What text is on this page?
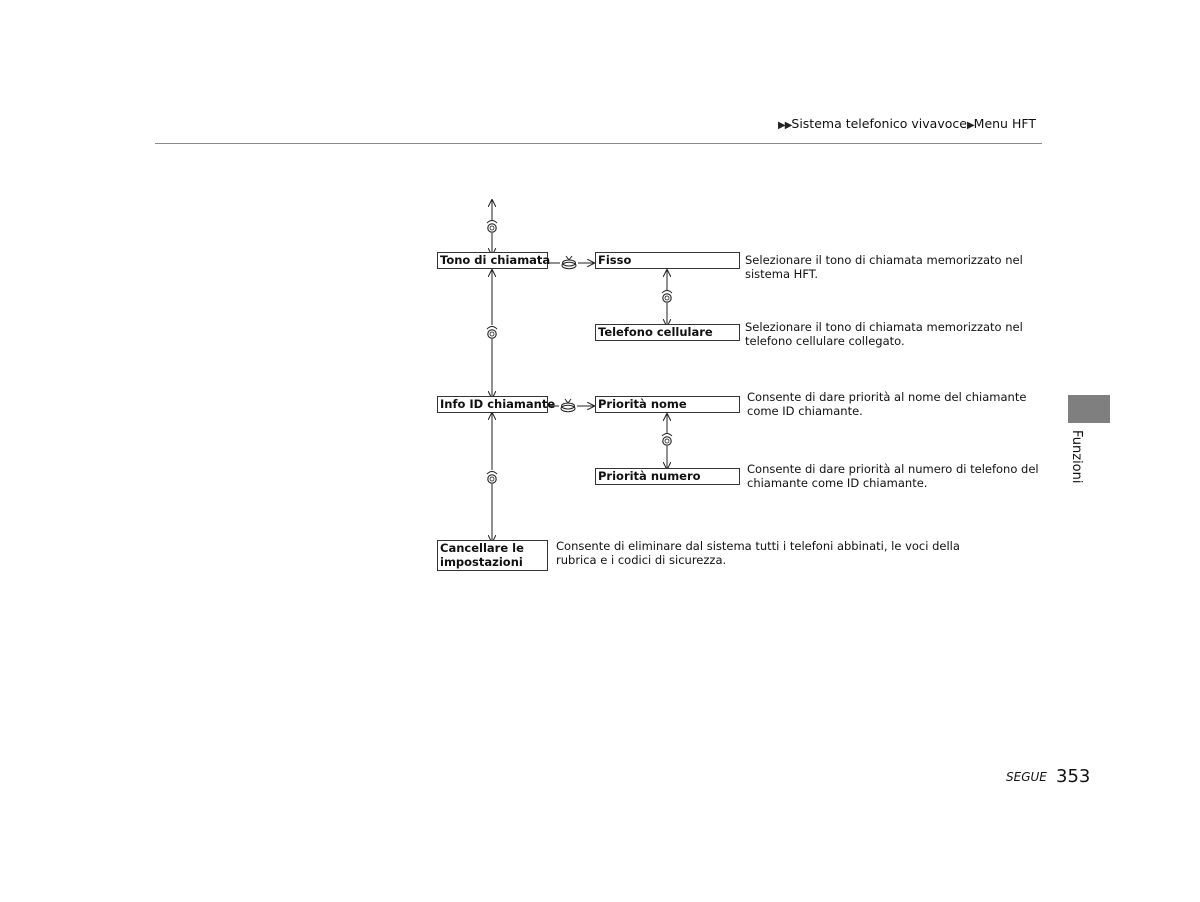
▶▶Sistema telefonico vivavoce▶Menu HFT
Tono di chiamata
Info ID chiamante
Cancellare le
impostazioni
Fisso
Telefono cellulare
Priorità nome
Priorità numero
Selezionare il tono di chiamata memorizzato nel
sistema HFT.
Selezionare il tono di chiamata memorizzato nel
telefono cellulare collegato.
Consente di dare priorità al nome del chiamante
come ID chiamante.
Consente di dare priorità al numero di telefono del
chiamante come ID chiamante.
Consente di eliminare dal sistema tutti i telefoni abbinati, le voci della
rubrica e i codici di sicurezza.
Funzioni
SEGUE 353
